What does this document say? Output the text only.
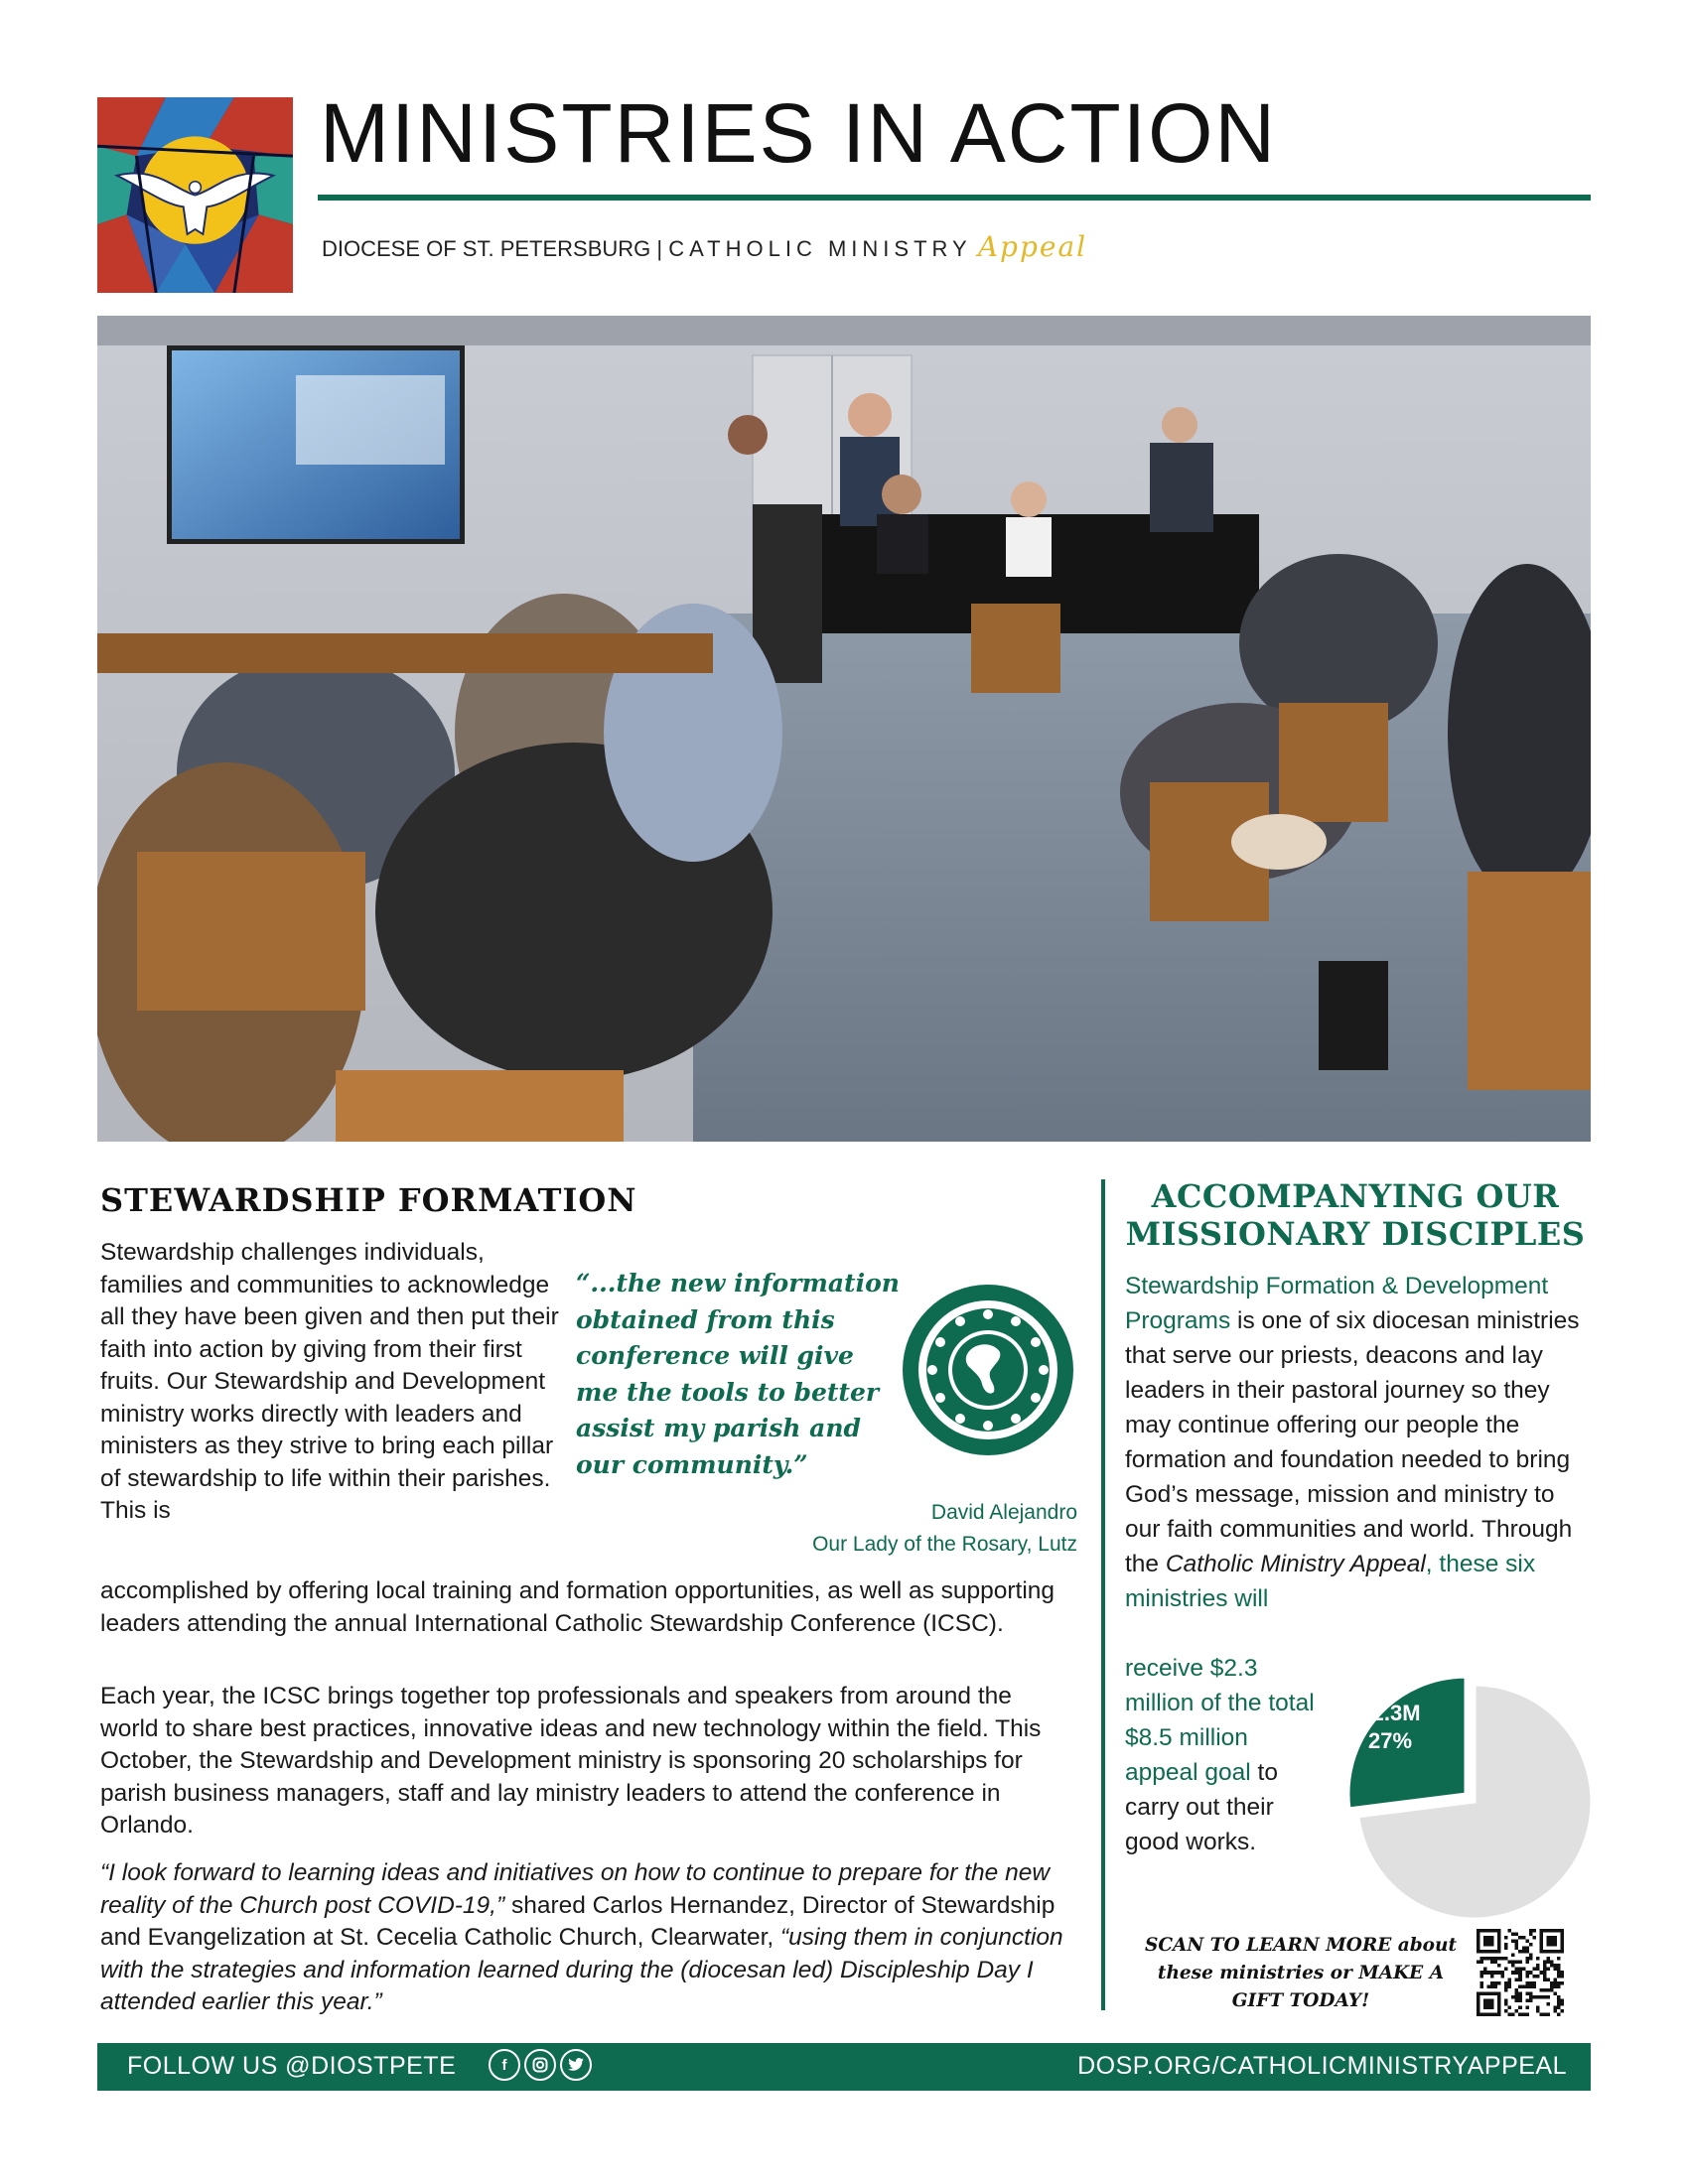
MINISTRIES IN ACTION
DIOCESE OF ST. PETERSBURG | CATHOLIC MINISTRY Appeal
STEWARDSHIP FORMATION
Stewardship challenges individuals, families and communities to acknowledge all they have been given and then put their faith into action by giving from their first fruits. Our Stewardship and Development ministry works directly with leaders and ministers as they strive to bring each pillar of stewardship to life within their parishes. This is
“...the new information obtained from this conference will give me the tools to better assist my parish and our community.”
David Alejandro
Our Lady of the Rosary, Lutz
accomplished by offering local training and formation opportunities, as well as supporting leaders attending the annual International Catholic Stewardship Conference (ICSC).
Each year, the ICSC brings together top professionals and speakers from around the world to share best practices, innovative ideas and new technology within the field. This October, the Stewardship and Development ministry is sponsoring 20 scholarships for parish business managers, staff and lay ministry leaders to attend the conference in Orlando.
“I look forward to learning ideas and initiatives on how to continue to prepare for the new reality of the Church post COVID-19,” shared Carlos Hernandez, Director of Stewardship and Evangelization at St. Cecelia Catholic Church, Clearwater, “using them in conjunction with the strategies and information learned during the (diocesan led) Discipleship Day I attended earlier this year.”
ACCOMPANYING OUR MISSIONARY DISCIPLES
Stewardship Formation & Development Programs is one of six diocesan ministries that serve our priests, deacons and lay leaders in their pastoral journey so they may continue offering our people the formation and foundation needed to bring God’s message, mission and ministry to our faith communities and world. Through the Catholic Ministry Appeal, these six ministries will
receive $2.3 million of the total $8.5 million appeal goal to carry out their good works.
$2.3M
27%
SCAN TO LEARN MORE about these ministries or MAKE A GIFT TODAY!
FOLLOW US @DIOSTPETE	f	DOSP.ORG/CATHOLICMINISTRYAPPEAL
